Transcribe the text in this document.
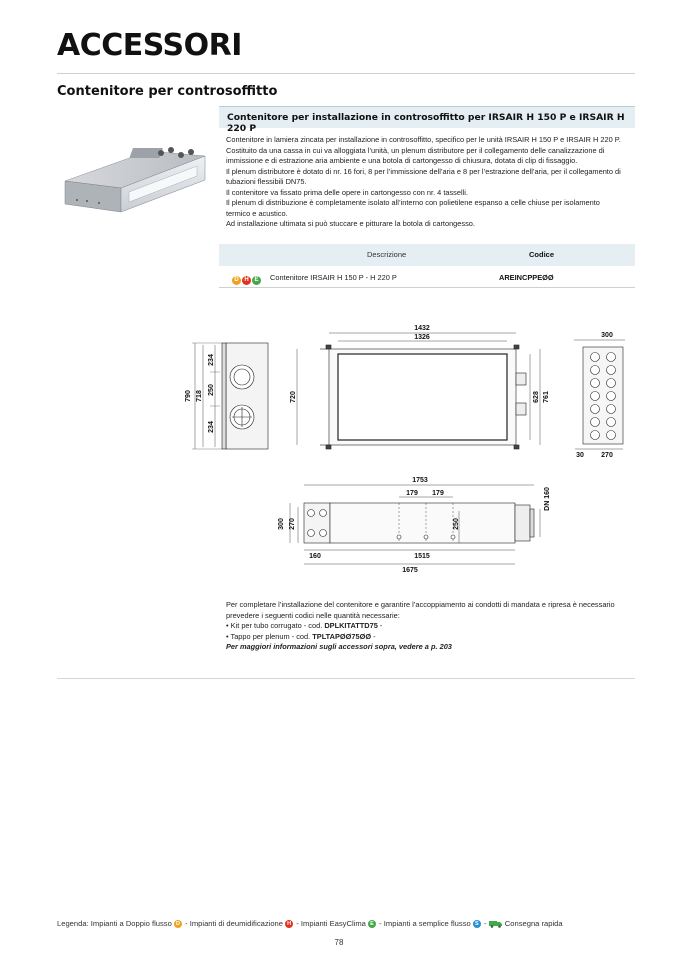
ACCESSORI
Contenitore per controsoffitto
Contenitore per installazione in controsoffitto per IRSAIR H 150 P e IRSAIR H 220 P

Contenitore in lamiera zincata per installazione in controsoffitto, specifico per le unità IRSAIR H 150 P e IRSAIR H 220 P.

Costituito da una cassa in cui va alloggiata l’unità, un plenum distributore per il collegamento delle canalizzazione di

immissione e di estrazione aria ambiente e una botola di cartongesso di chiusura, dotata di clip di fissaggio.

Il plenum distributore è dotato di nr. 16 fori, 8 per l’immissione dell’aria e 8 per l’estrazione dell’aria, per il collegamento di

tubazioni flessibili DN75.

Il contenitore va fissato prima delle opere in cartongesso con nr. 4 tasselli.

Il plenum di distribuzione è completamente isolato all’interno con polietilene espanso a celle chiuse per isolamento

termico e acustico.

Ad installazione ultimata si può stuccare e pitturare la botola di cartongesso.

Descrizione	Codice
D H E	Contenitore IRSAIR H 150 P - H 220 P	AREINCPPEØØ
790 718
234
250
234
1432
1326
720	628 761
300
30 270
1753
179 179	DN 160
300 270	250
160	1515
1675
Per completare l’installazione del contenitore e garantire l’accoppiamento ai condotti di mandata e ripresa è necessario prevedere i seguenti codici nelle quantità necessarie:
• Kit per tubo corrugato - cod. DPLKITATTD75 -
• Tappo per plenum - cod. TPLTAPØØ75ØØ -
Per maggiori informazioni sugli accessori sopra, vedere a p. 203
Legenda: Impianti a Doppio flusso D - Impianti di deumidificazione H - Impianti EasyClima E - Impianti a semplice flusso S - Consegna rapida
78
